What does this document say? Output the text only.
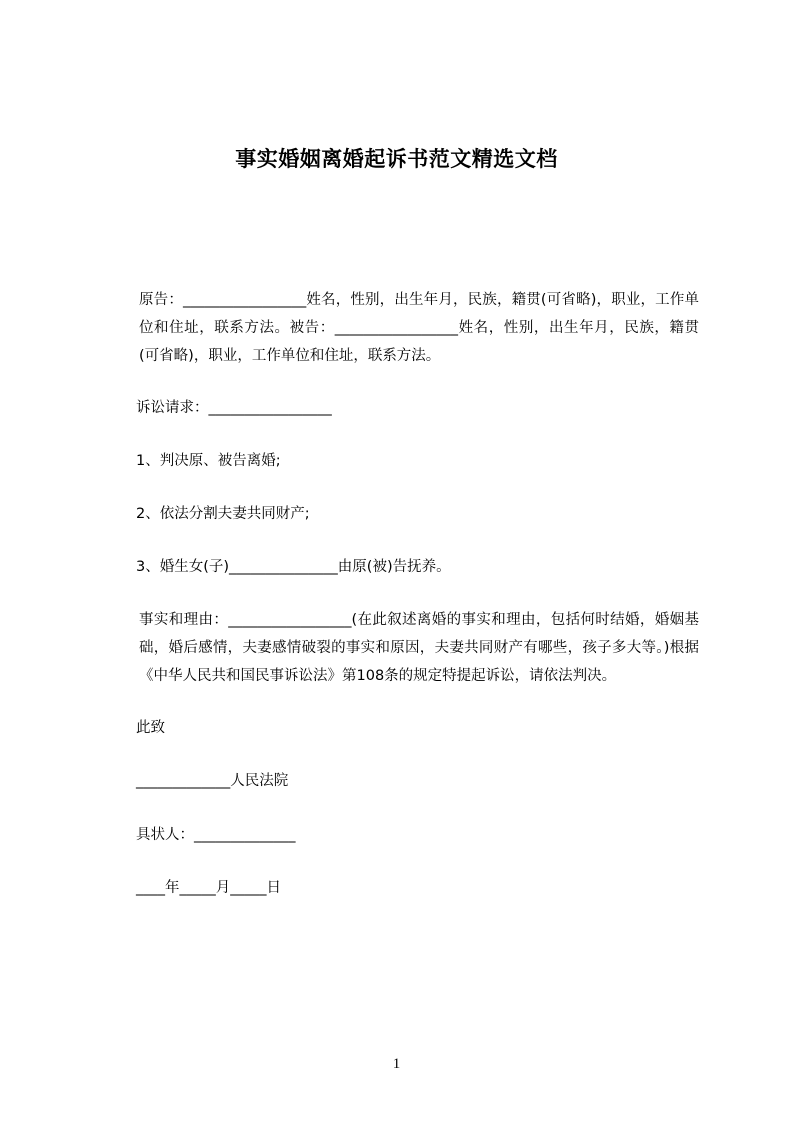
事实婚姻离婚起诉书范文精选文档

原告：_________________姓名，性别，出生年月，民族，籍贯(可省略)，职业，工作单位和住址，联系方法。被告：_________________姓名，性别，出生年月，民族，籍贯(可省略)，职业，工作单位和住址，联系方法。

诉讼请求：_________________
1、判决原、被告离婚;
2、依法分割夫妻共同财产;
3、婚生女(子)_______________由原(被)告抚养。

事实和理由：_________________(在此叙述离婚的事实和理由，包括何时结婚，婚姻基础，婚后感情，夫妻感情破裂的事实和原因，夫妻共同财产有哪些，孩子多大等。)根据《中华人民共和国民事诉讼法》第108条的规定特提起诉讼，请依法判决。

此致
_____________人民法院
具状人：______________
____年_____月_____日
1
